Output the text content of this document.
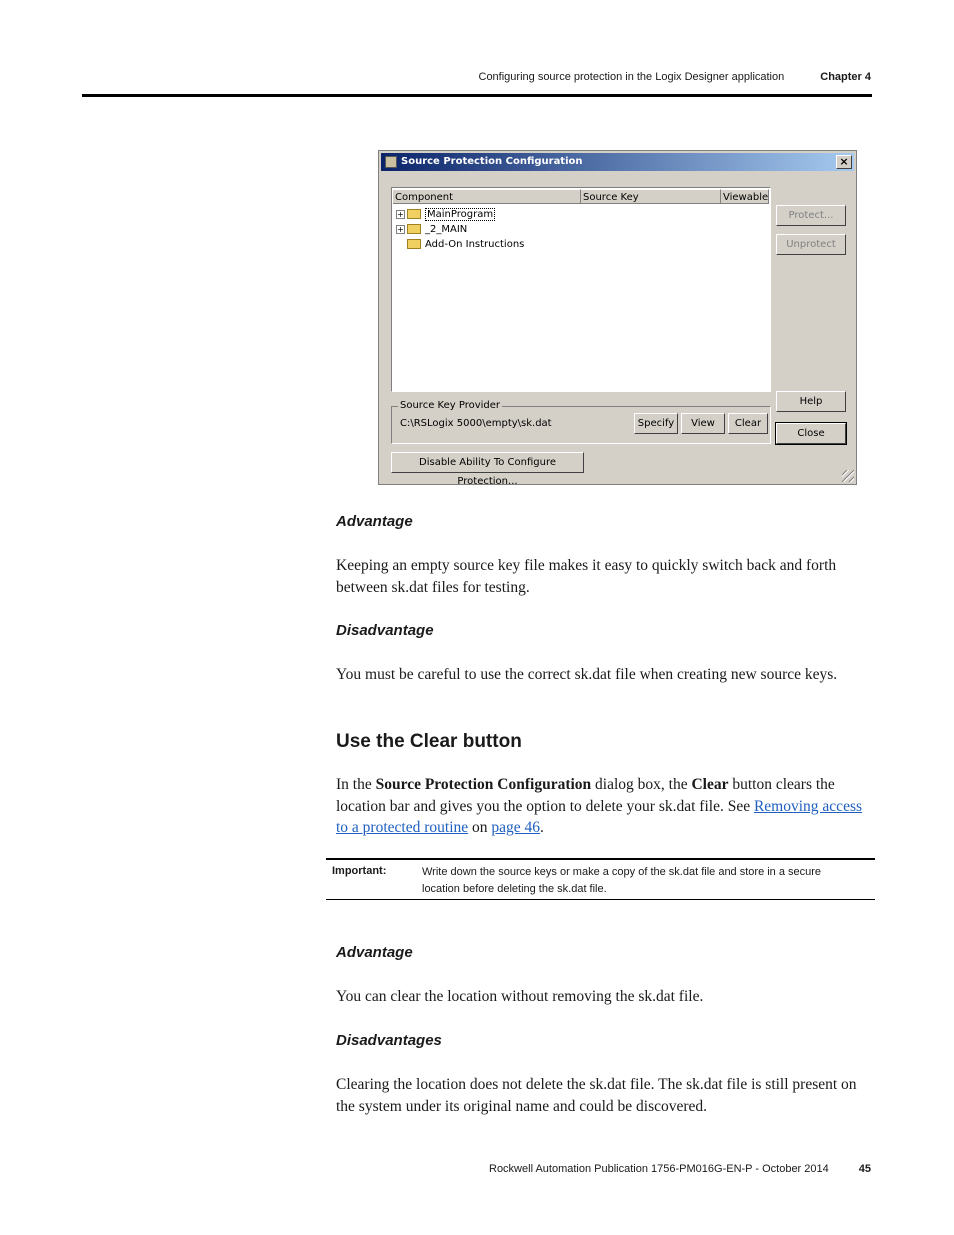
Configuring source protection in the Logix Designer application	Chapter 4
Source Protection Configuration	×
Component	Source Key	Viewable
+ MainProgram
+ _2_MAIN
Add-On Instructions
Protect...
Unprotect
Help
Close
Source Key Provider
C:\RSLogix 5000\empty\sk.dat	Specify	View	Clear
Disable Ability To Configure Protection...
Advantage
Keeping an empty source key file makes it easy to quickly switch back and forth between sk.dat files for testing.
Disadvantage
You must be careful to use the correct sk.dat file when creating new source keys.
Use the Clear button
In the Source Protection Configuration dialog box, the Clear button clears the location bar and gives you the option to delete your sk.dat file. See Removing access to a protected routine on page 46.
Important:	Write down the source keys or make a copy of the sk.dat file and store in a secure location before deleting the sk.dat file.
Advantage
You can clear the location without removing the sk.dat file.
Disadvantages
Clearing the location does not delete the sk.dat file. The sk.dat file is still present on the system under its original name and could be discovered.
Rockwell Automation Publication 1756-PM016G-EN-P - October 2014	45
